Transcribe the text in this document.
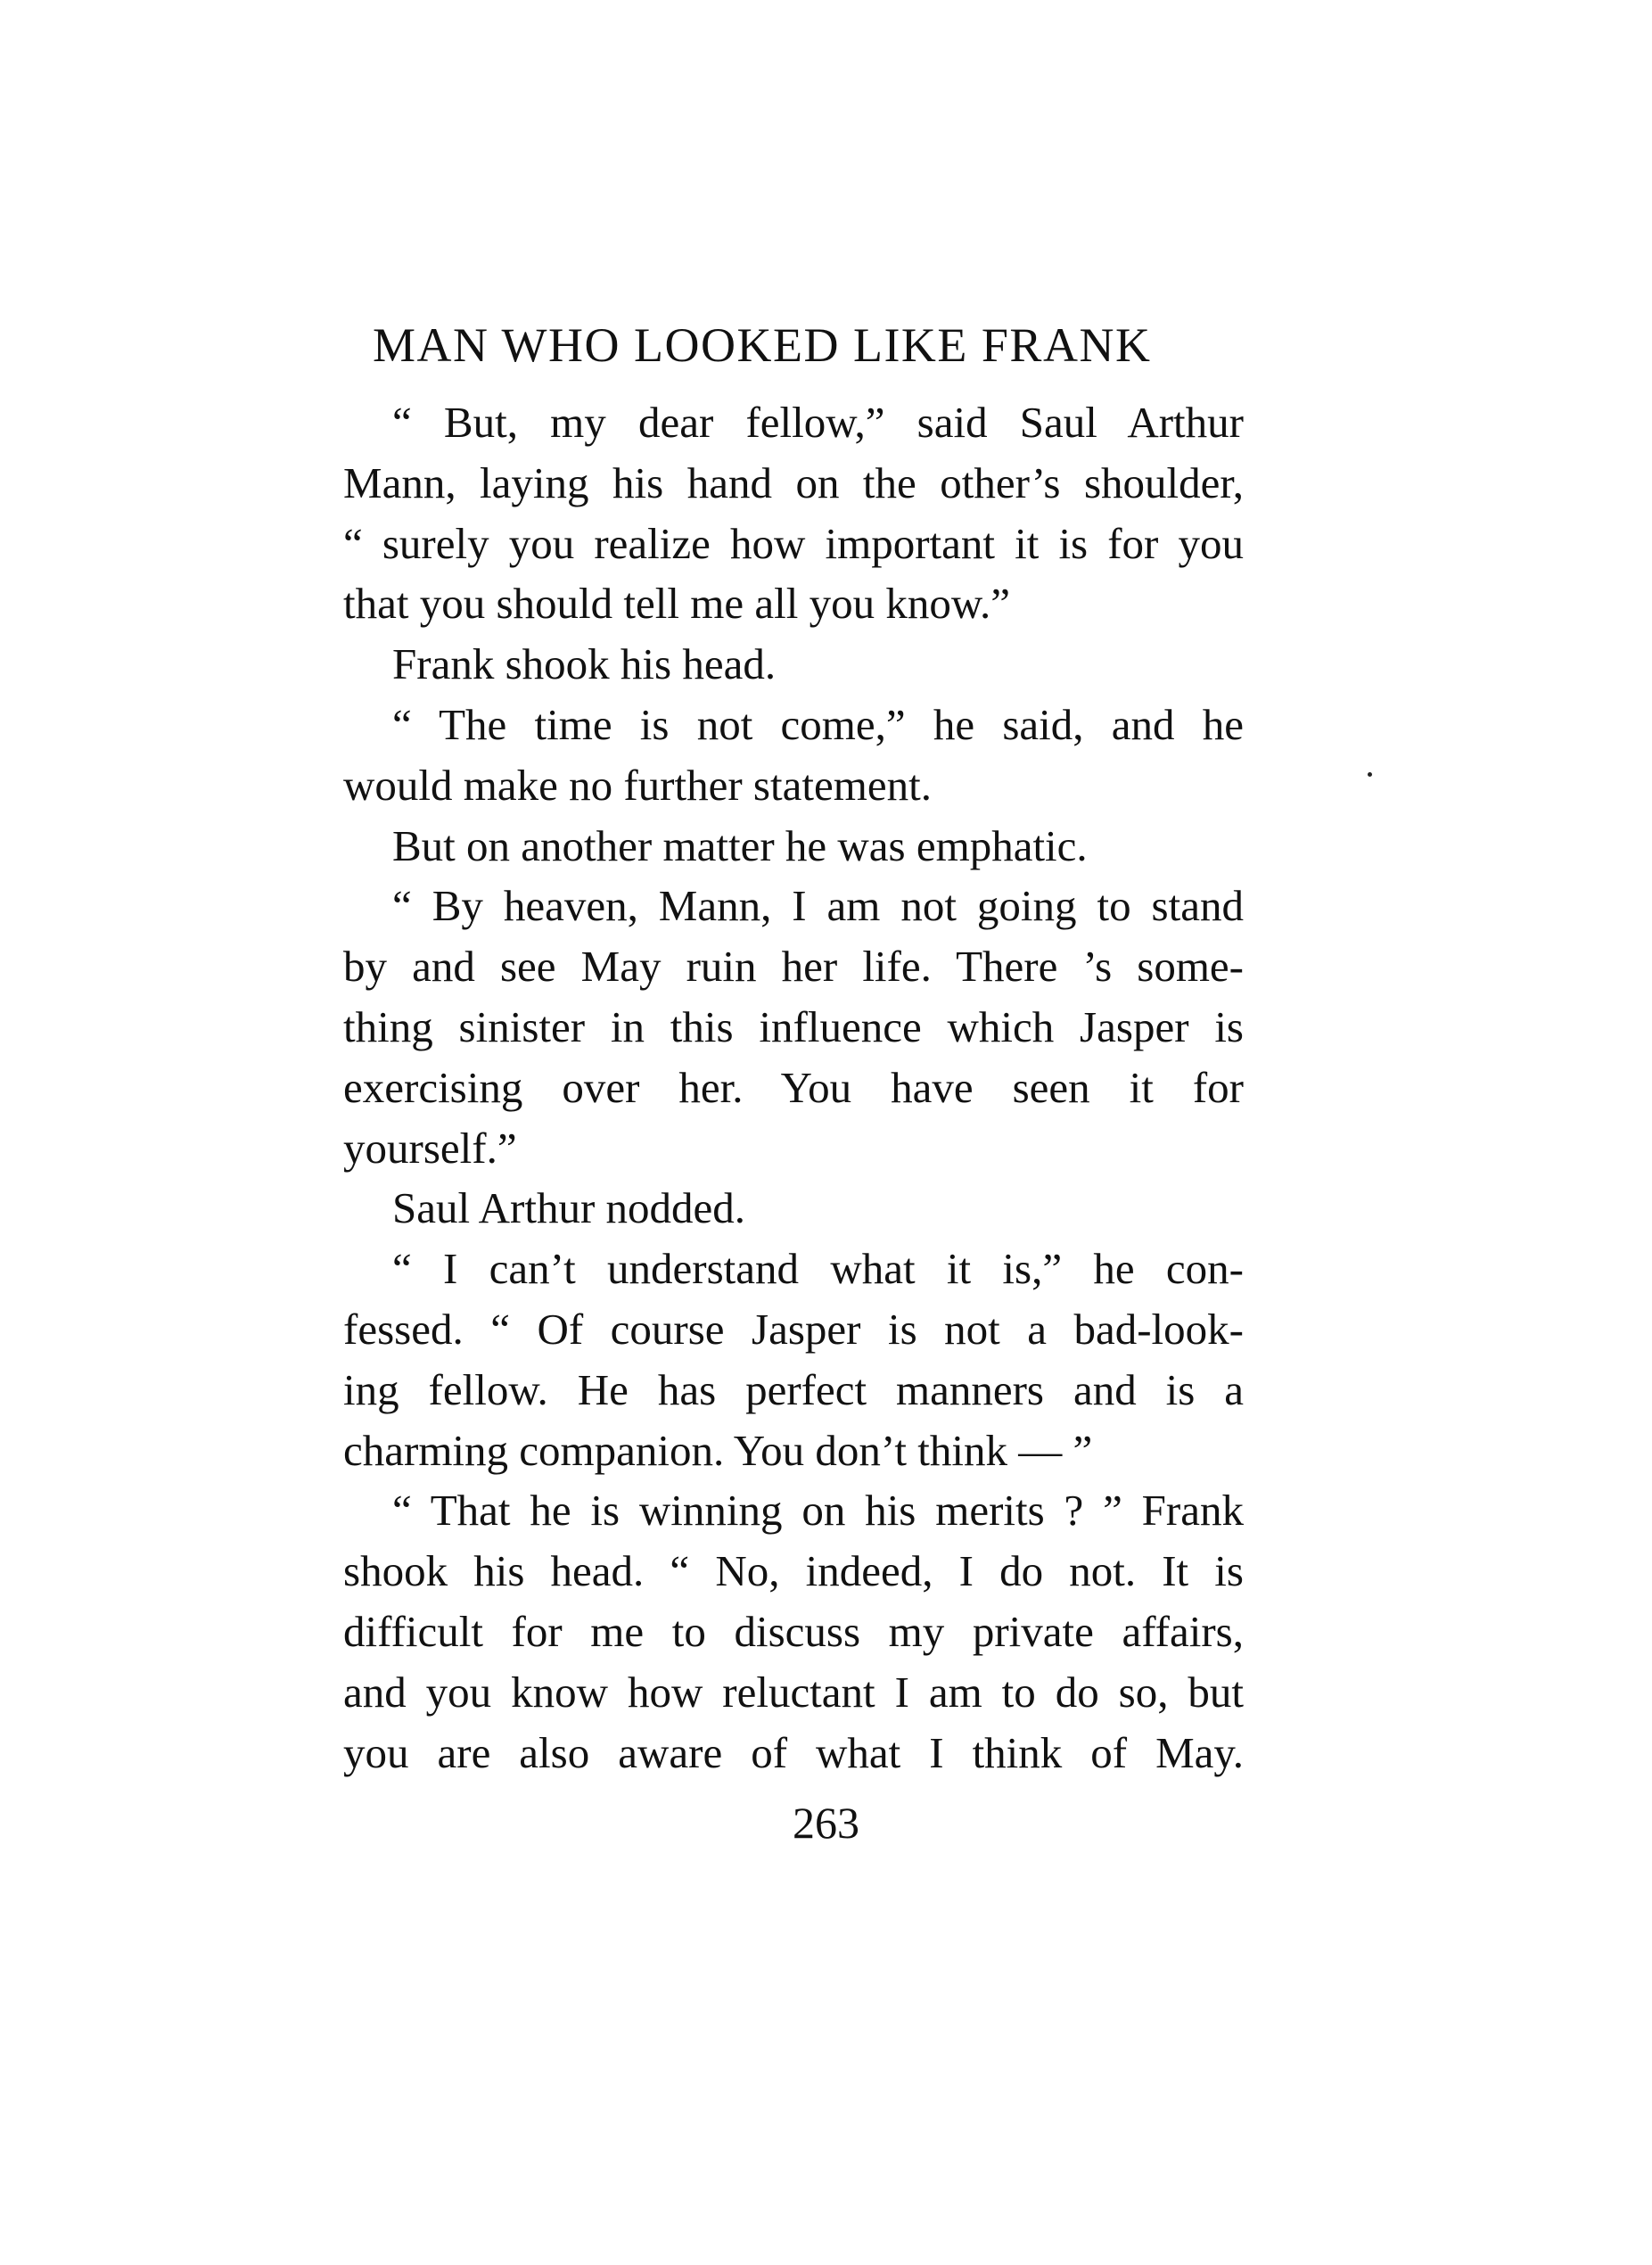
MAN WHO LOOKED LIKE FRANK
“ But, my dear fellow,” said Saul Arthur
Mann, laying his hand on the other’s shoulder,
“ surely you realize how important it is for you
that you should tell me all you know.”
Frank shook his head.
“ The time is not come,” he said, and he
would make no further statement.
But on another matter he was emphatic.
“ By heaven, Mann, I am not going to stand
by and see May ruin her life. There ’s some-
thing sinister in this influence which Jasper is
exercising over her. You have seen it for
yourself.”
Saul Arthur nodded.
“ I can’t understand what it is,” he con-
fessed. “ Of course Jasper is not a bad-look-
ing fellow. He has perfect manners and is a
charming companion. You don’t think — ”
“ That he is winning on his merits ? ” Frank
shook his head. “ No, indeed, I do not. It is
difficult for me to discuss my private affairs,
and you know how reluctant I am to do so, but
you are also aware of what I think of May.
263
